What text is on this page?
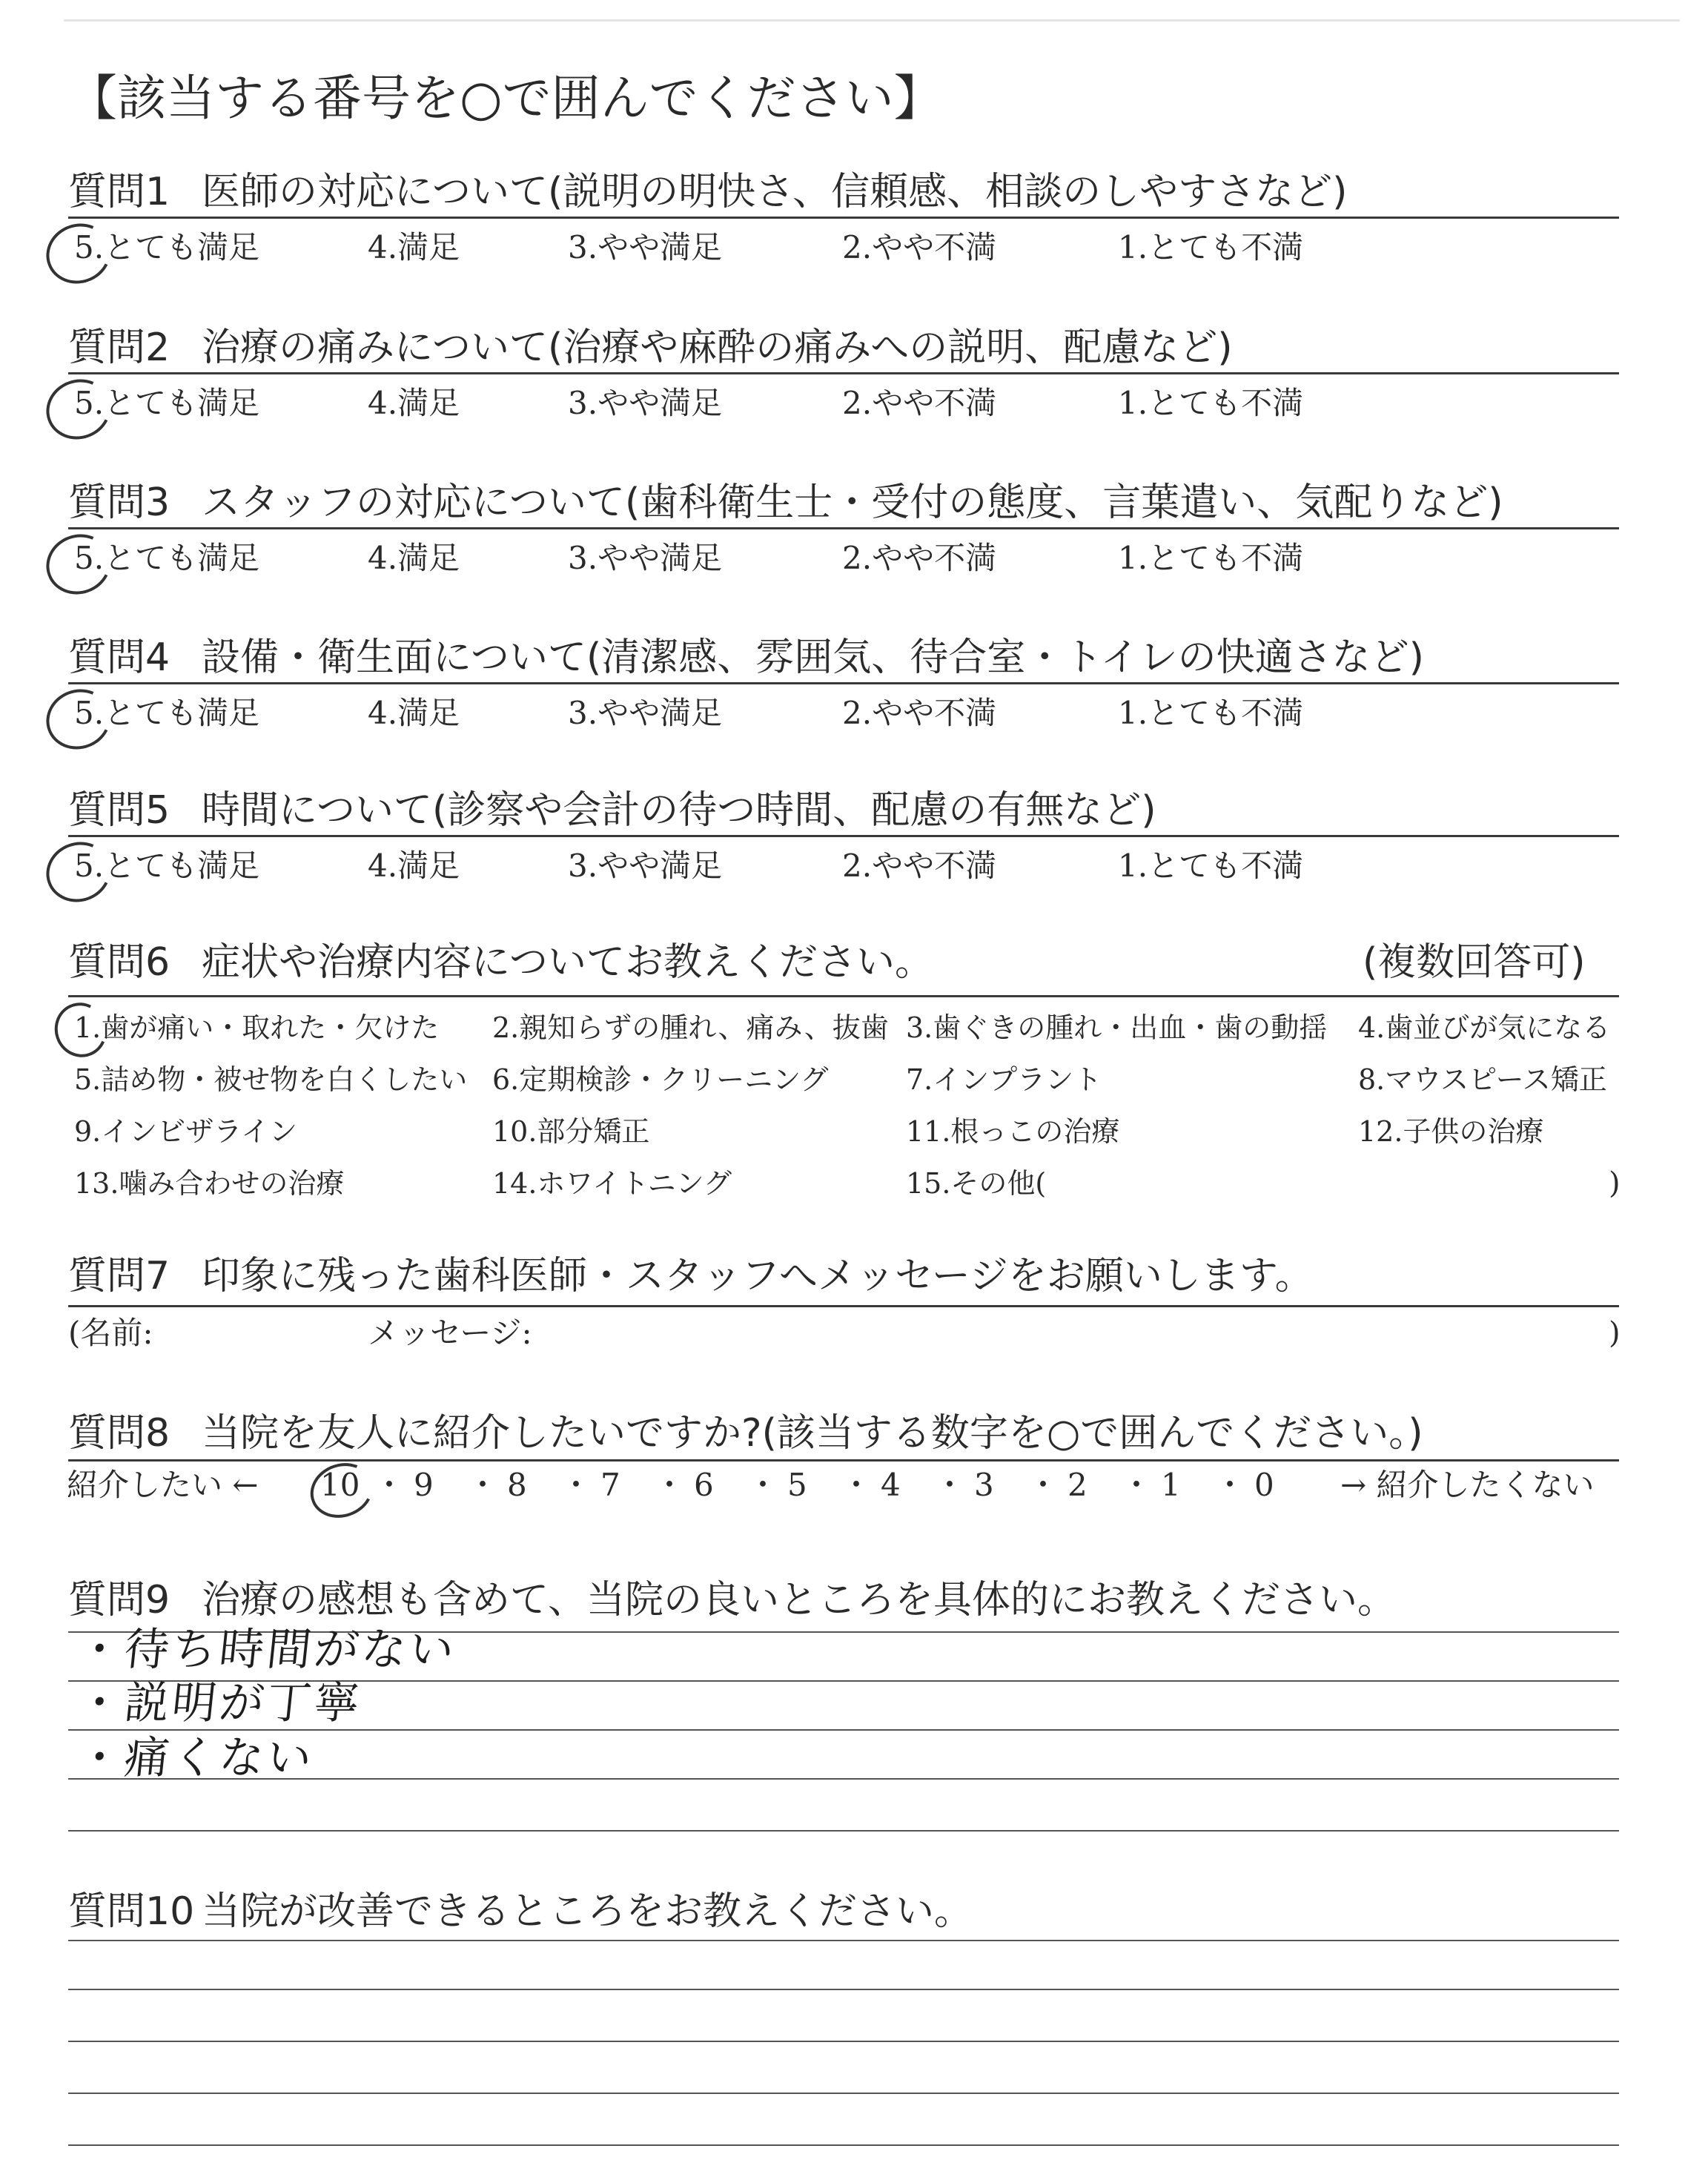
【該当する番号を○で囲んでください】
質問1 医師の対応について(説明の明快さ、信頼感、相談のしやすさなど)
5.とても満足	4.満足	3.やや満足	2.やや不満	1.とても不満
質問2 治療の痛みについて(治療や麻酔の痛みへの説明、配慮など)
5.とても満足	4.満足	3.やや満足	2.やや不満	1.とても不満
質問3 スタッフの対応について(歯科衛生士・受付の態度、言葉遣い、気配りなど)
5.とても満足	4.満足	3.やや満足	2.やや不満	1.とても不満
質問4 設備・衛生面について(清潔感、雰囲気、待合室・トイレの快適さなど)
5.とても満足	4.満足	3.やや満足	2.やや不満	1.とても不満
質問5 時間について(診察や会計の待つ時間、配慮の有無など)
5.とても満足	4.満足	3.やや満足	2.やや不満	1.とても不満
質問6 症状や治療内容についてお教えください。	(複数回答可)
1.歯が痛い・取れた・欠けた 2.親知らずの腫れ、痛み、抜歯 3.歯ぐきの腫れ・出血・歯の動揺 4.歯並びが気になる
5.詰め物・被せ物を白くしたい 6.定期検診・クリーニング	7.インプラント	8.マウスピース矯正
9.インビザライン	10.部分矯正	11.根っこの治療	12.子供の治療
13.噛み合わせの治療	14.ホワイトニング	15.その他(	)
質問7 印象に残った歯科医師・スタッフへメッセージをお願いします。
(名前:	メッセージ:	)
質問8 当院を友人に紹介したいですか?(該当する数字を○で囲んでください。)
紹介したい ← 10 ・ 9 ・ 8 ・ 7 ・ 6 ・ 5 ・ 4 ・ 3 ・ 2 ・ 1 ・ 0 → 紹介したくない
質問9 治療の感想も含めて、当院の良いところを具体的にお教えください。
・待ち時間がない
・説明が丁寧
・痛くない
質問10 当院が改善できるところをお教えください。
